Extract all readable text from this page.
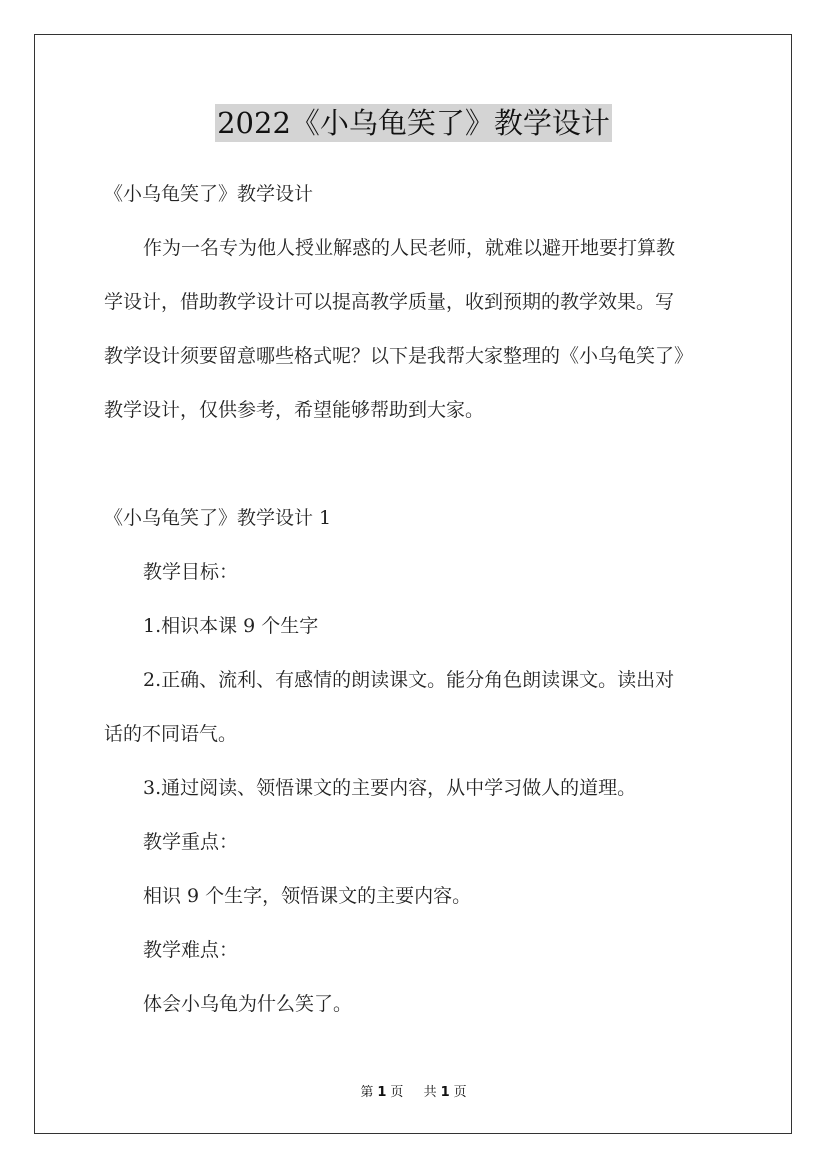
2022《小乌龟笑了》教学设计
《小乌龟笑了》教学设计
作为一名专为他人授业解惑的人民老师，就难以避开地要打算教
学设计，借助教学设计可以提高教学质量，收到预期的教学效果。写
教学设计须要留意哪些格式呢？以下是我帮大家整理的《小乌龟笑了》
教学设计，仅供参考，希望能够帮助到大家。
《小乌龟笑了》教学设计 1
教学目标：
1.相识本课 9 个生字
2.正确、流利、有感情的朗读课文。能分角色朗读课文。读出对
话的不同语气。
3.通过阅读、领悟课文的主要内容，从中学习做人的道理。
教学重点：
相识 9 个生字，领悟课文的主要内容。
教学难点：
体会小乌龟为什么笑了。
第 1 页 共 1 页
